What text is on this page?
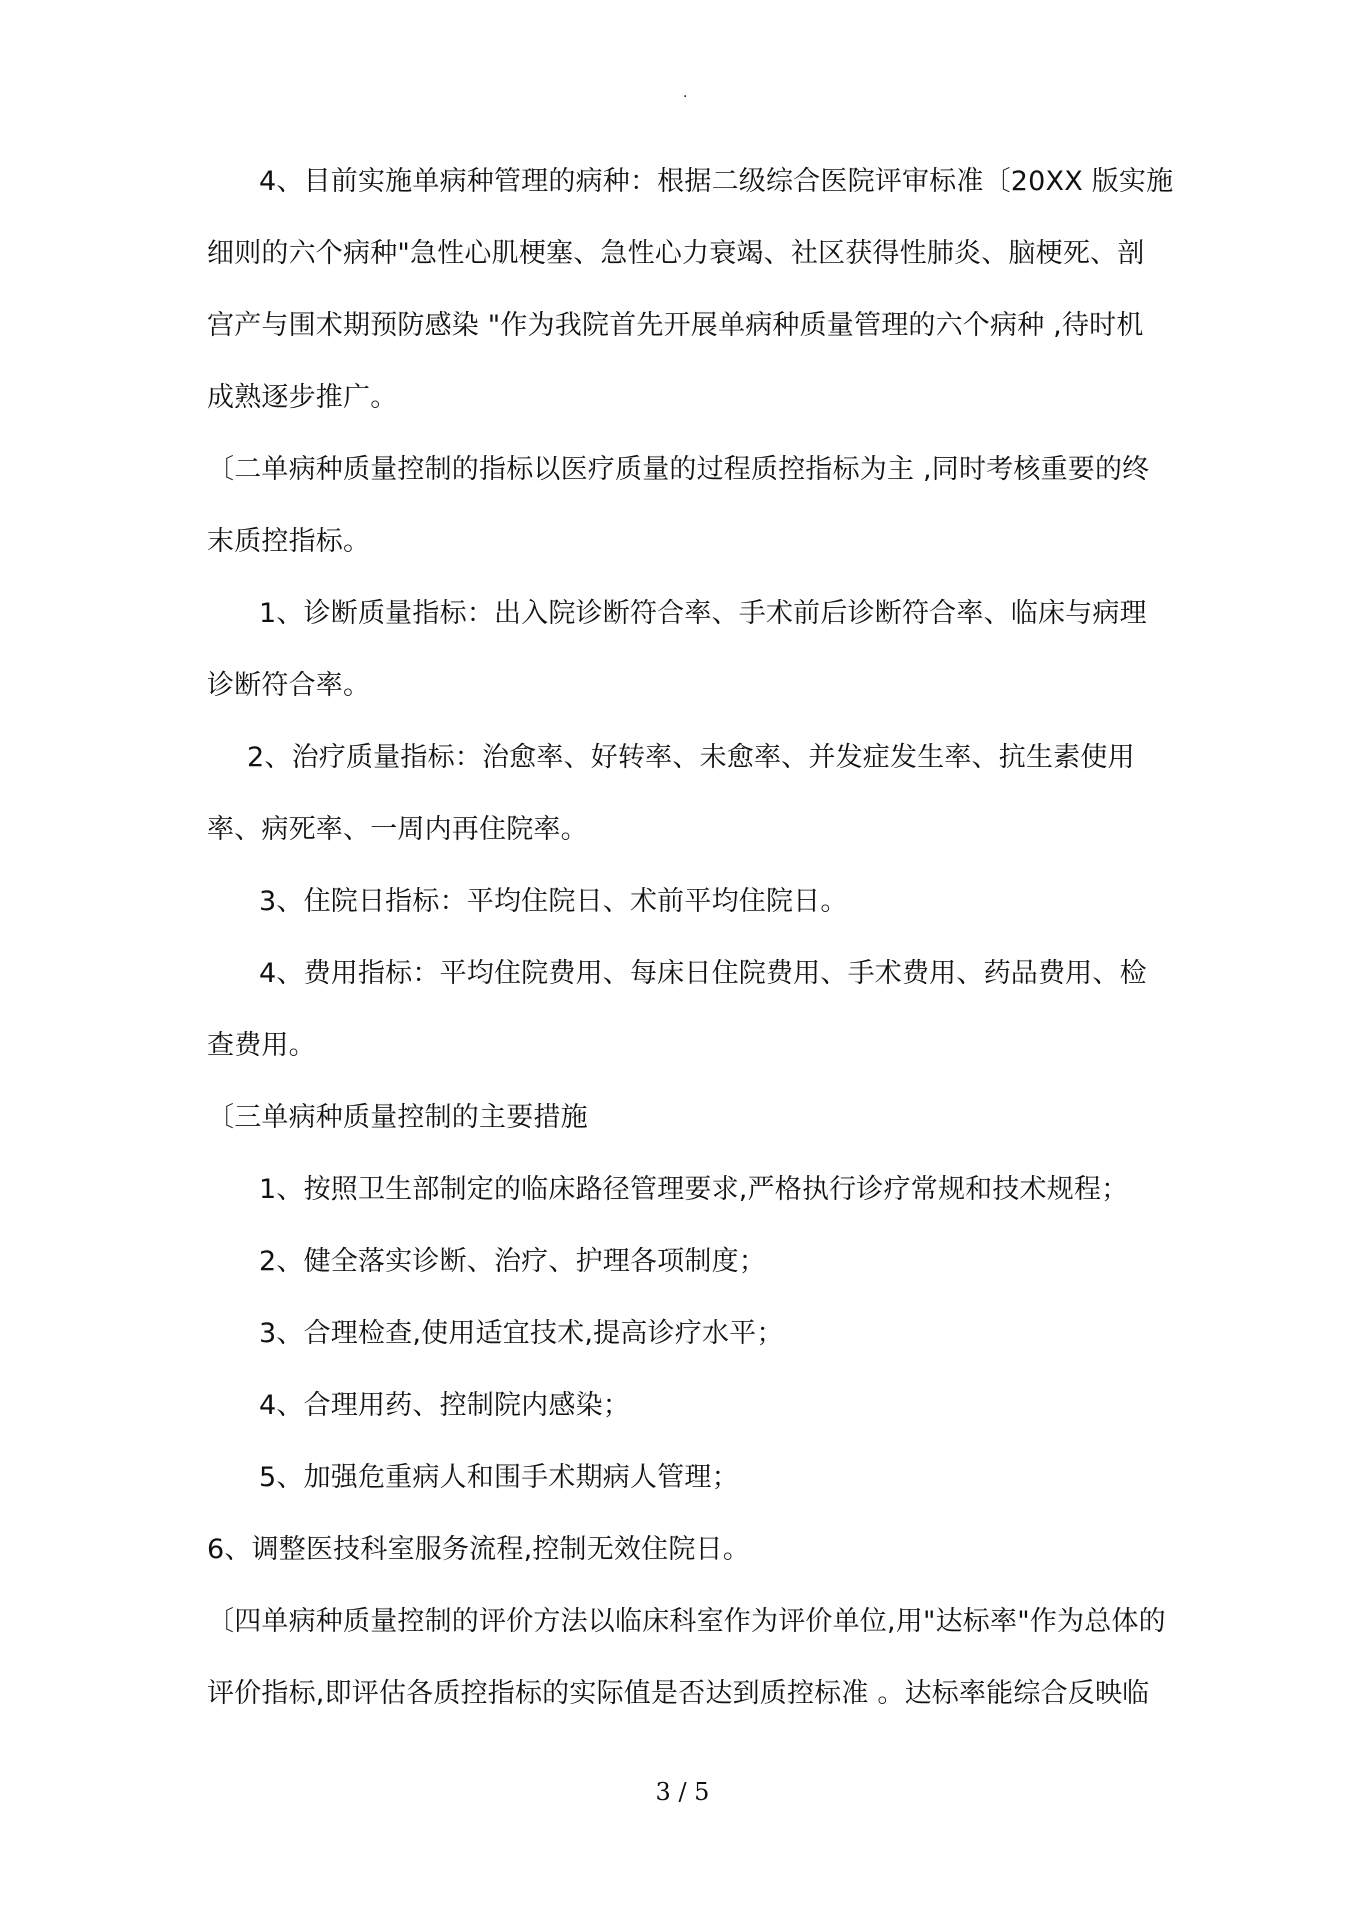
.
4、目前实施单病种管理的病种：根据二级综合医院评审标准〔20XX 版实施
细则的六个病种"急性心肌梗塞、急性心力衰竭、社区获得性肺炎、脑梗死、剖
宫产与围术期预防感染 "作为我院首先开展单病种质量管理的六个病种 ,待时机
成熟逐步推广。
〔二单病种质量控制的指标以医疗质量的过程质控指标为主 ,同时考核重要的终
末质控指标。
1、诊断质量指标：出入院诊断符合率、手术前后诊断符合率、临床与病理
诊断符合率。
2、治疗质量指标：治愈率、好转率、未愈率、并发症发生率、抗生素使用
率、病死率、一周内再住院率。
3、住院日指标：平均住院日、术前平均住院日。
4、费用指标：平均住院费用、每床日住院费用、手术费用、药品费用、检
查费用。
〔三单病种质量控制的主要措施
1、按照卫生部制定的临床路径管理要求,严格执行诊疗常规和技术规程；
2、健全落实诊断、治疗、护理各项制度；
3、合理检查,使用适宜技术,提高诊疗水平；
4、合理用药、控制院内感染；
5、加强危重病人和围手术期病人管理；
6、调整医技科室服务流程,控制无效住院日。
〔四单病种质量控制的评价方法以临床科室作为评价单位,用"达标率"作为总体的
评价指标,即评估各质控指标的实际值是否达到质控标准 。达标率能综合反映临
3 / 5
